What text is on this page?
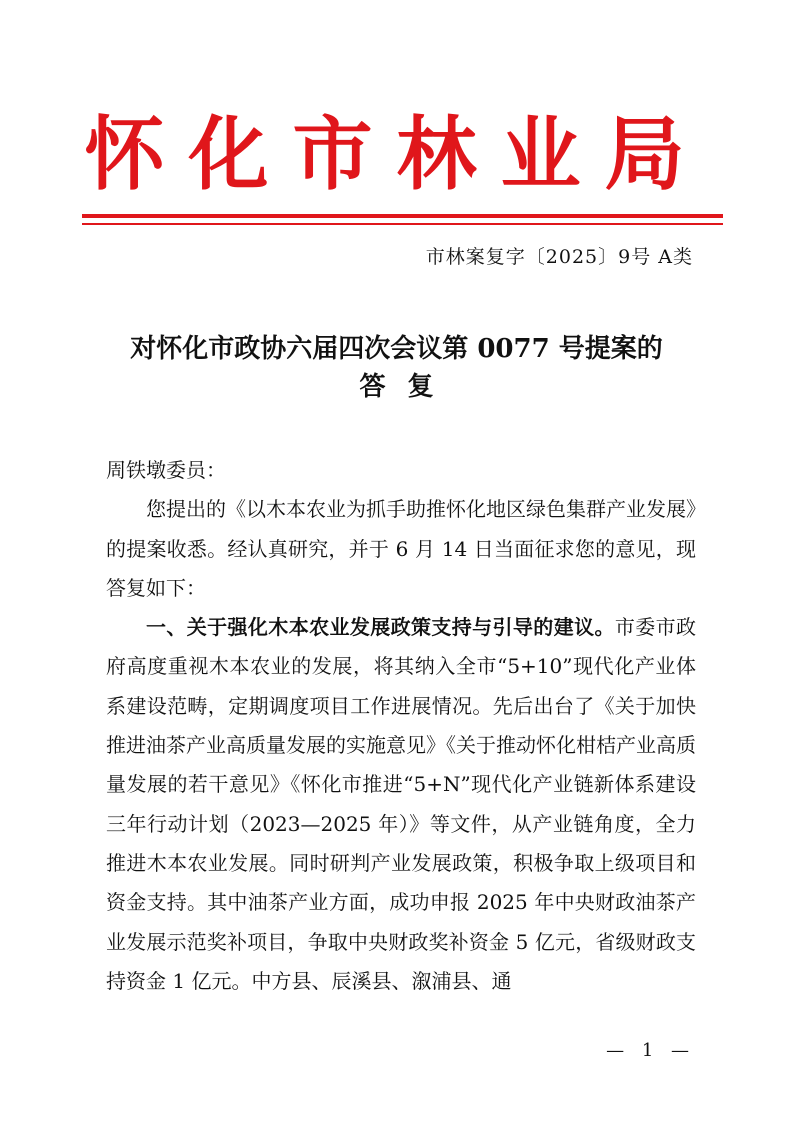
怀化市林业局
市林案复字〔2025〕9号 A类
对怀化市政协六届四次会议第 0077 号提案的
答复

周铁墩委员：

您提出的《以木本农业为抓手助推怀化地区绿色集群产业发展》的提案收悉。经认真研究，并于 6 月 14 日当面征求您的意见，现答复如下：

一、关于强化木本农业发展政策支持与引导的建议。市委市政府高度重视木本农业的发展，将其纳入全市“5+10”现代化产业体系建设范畴，定期调度项目工作进展情况。先后出台了《关于加快推进油茶产业高质量发展的实施意见》《关于推动怀化柑桔产业高质量发展的若干意见》《怀化市推进“5+N”现代化产业链新体系建设三年行动计划（2023—2025 年）》等文件，从产业链角度，全力推进木本农业发展。同时研判产业发展政策，积极争取上级项目和资金支持。其中油茶产业方面，成功申报 2025 年中央财政油茶产业发展示范奖补项目，争取中央财政奖补资金 5 亿元，省级财政支持资金 1 亿元。中方县、辰溪县、溆浦县、通

— 1 —
